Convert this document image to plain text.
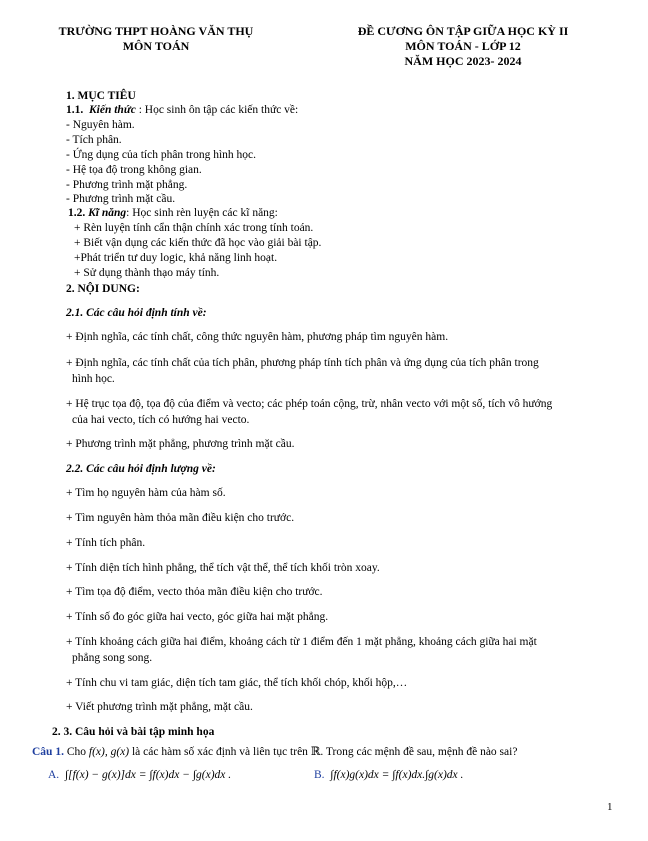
TRƯỜNG THPT HOÀNG VĂN THỤ
MÔN TOÁN
ĐỀ CƯƠNG ÔN TẬP GIỮA HỌC KỲ II
MÔN TOÁN - LỚP 12
NĂM HỌC 2023- 2024
1. MỤC TIÊU
1.1. Kiến thức : Học sinh ôn tập các kiến thức về:
- Nguyên hàm.
- Tích phân.
- Ứng dụng của tích phân trong hình học.
- Hệ tọa độ trong không gian.
- Phương trình mặt phẳng.
- Phương trình mặt cầu.
1.2. Kĩ năng: Học sinh rèn luyện các kĩ năng:
+ Rèn luyện tính cẩn thận chính xác trong tính toán.
+ Biết vận dụng các kiến thức đã học vào giải bài tập.
+Phát triển tư duy logic, khả năng linh hoạt.
+ Sử dụng thành thạo máy tính.
2. NỘI DUNG:
2.1. Các câu hỏi định tính về:
+ Định nghĩa, các tính chất, công thức nguyên hàm, phương pháp tìm nguyên hàm.
+ Định nghĩa, các tính chất của tích phân, phương pháp tính tích phân và ứng dụng của tích phân trong
hình học.
+ Hệ trục tọa độ, tọa độ của điểm và vecto; các phép toán cộng, trừ, nhân vecto với một số, tích vô hướng
của hai vecto, tích có hướng hai vecto.
+ Phương trình mặt phẳng, phương trình mặt cầu.
2.2. Các câu hỏi định lượng về:
+ Tìm họ nguyên hàm của hàm số.
+ Tìm nguyên hàm thỏa mãn điều kiện cho trước.
+ Tính tích phân.
+ Tính diện tích hình phẳng, thể tích vật thể, thể tích khối tròn xoay.
+ Tìm tọa độ điểm, vecto thỏa mãn điều kiện cho trước.
+ Tính số đo góc giữa hai vecto, góc giữa hai mặt phẳng.
+ Tính khoảng cách giữa hai điểm, khoảng cách từ 1 điểm đến 1 mặt phẳng, khoảng cách giữa hai mặt
phẳng song song.
+ Tính chu vi tam giác, diện tích tam giác, thể tích khối chóp, khối hộp,…
+ Viết phương trình mặt phẳng, mặt cầu.
2. 3. Câu hỏi và bài tập minh họa
Câu 1. Cho f(x), g(x) là các hàm số xác định và liên tục trên ℝ. Trong các mệnh đề sau, mệnh đề nào sai?
A. ∫[f(x) − g(x)]dx = ∫f(x)dx − ∫g(x)dx .	B. ∫f(x)g(x)dx = ∫f(x)dx.∫g(x)dx .
1
